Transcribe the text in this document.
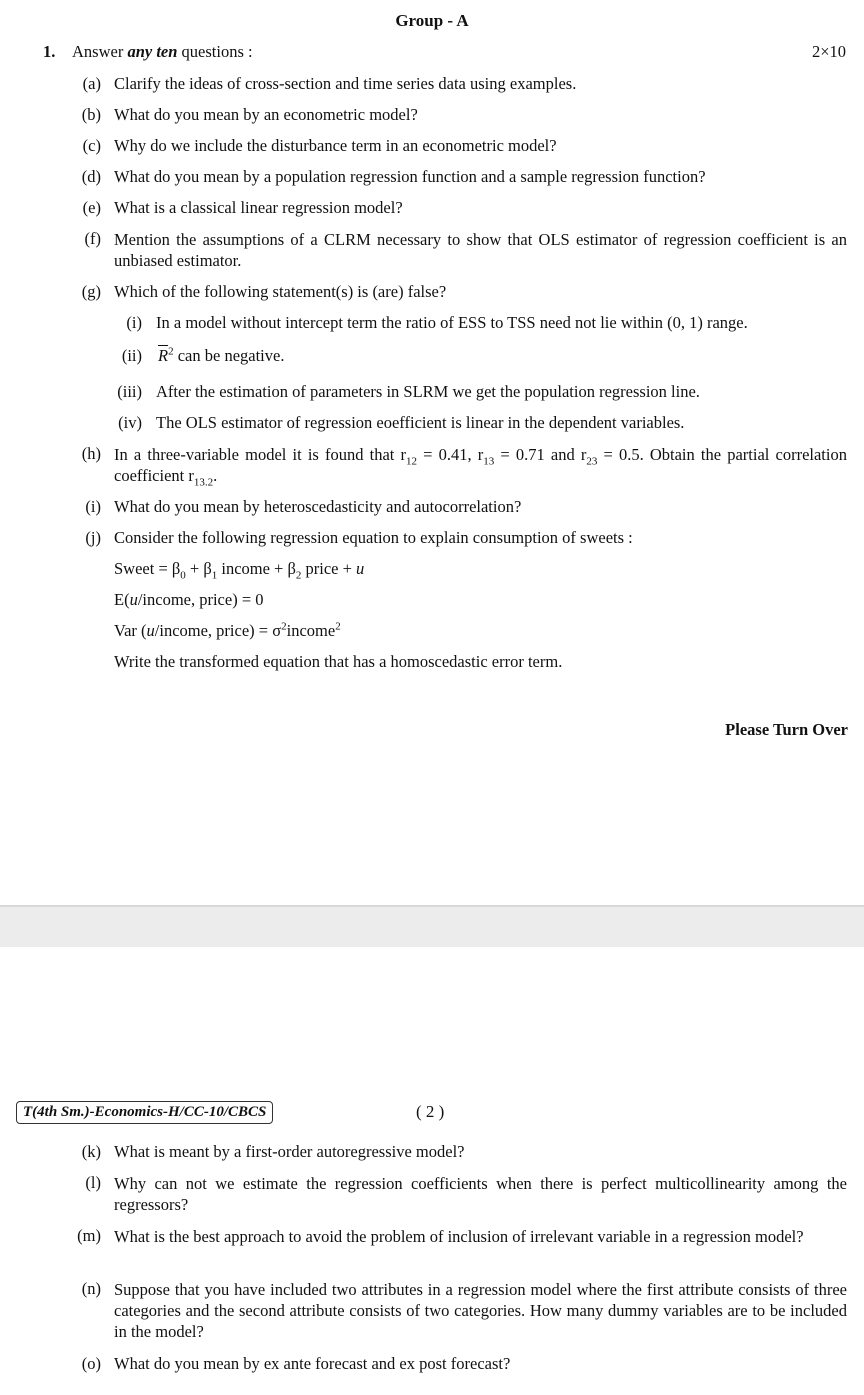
Group - A
1. Answer any ten questions :	2×10
(a) Clarify the ideas of cross-section and time series data using examples.
(b) What do you mean by an econometric model?
(c) Why do we include the disturbance term in an econometric model?
(d) What do you mean by a population regression function and a sample regression function?
(e) What is a classical linear regression model?
(f) Mention the assumptions of a CLRM necessary to show that OLS estimator of regression coefficient is an unbiased estimator.
(g) Which of the following statement(s) is (are) false?
(i) In a model without intercept term the ratio of ESS to TSS need not lie within (0, 1) range.
(ii) $\overline{R}^2$ can be negative.
(iii) After the estimation of parameters in SLRM we get the population regression line.
(iv) The OLS estimator of regression eoefficient is linear in the dependent variables.
(h) In a three-variable model it is found that $r_{12} = 0.41$, $r_{13} = 0.71$ and $r_{23} = 0.5$. Obtain the partial correlation coefficient $r_{13.2}$.
(i) What do you mean by heteroscedasticity and autocorrelation?
(j) Consider the following regression equation to explain consumption of sweets :
Sweet = $\beta_0 + \beta_1$ income + $\beta_2$ price + u
E(u/income, price) = 0
Var (u/income, price) = $\sigma^2income^2$
Write the transformed equation that has a homoscedastic error term.
Please Turn Over
T(4th Sm.)-Economics-H/CC-10/CBCS	( 2 )
(k) What is meant by a first-order autoregressive model?
(l) Why can not we estimate the regression coefficients when there is perfect multicollinearity among the regressors?
(m) What is the best approach to avoid the problem of inclusion of irrelevant variable in a regression model?
(n) Suppose that you have included two attributes in a regression model where the first attribute consists of three categories and the second attribute consists of two categories. How many dummy variables are to be included in the model?
(o) What do you mean by ex ante forecast and ex post forecast?
